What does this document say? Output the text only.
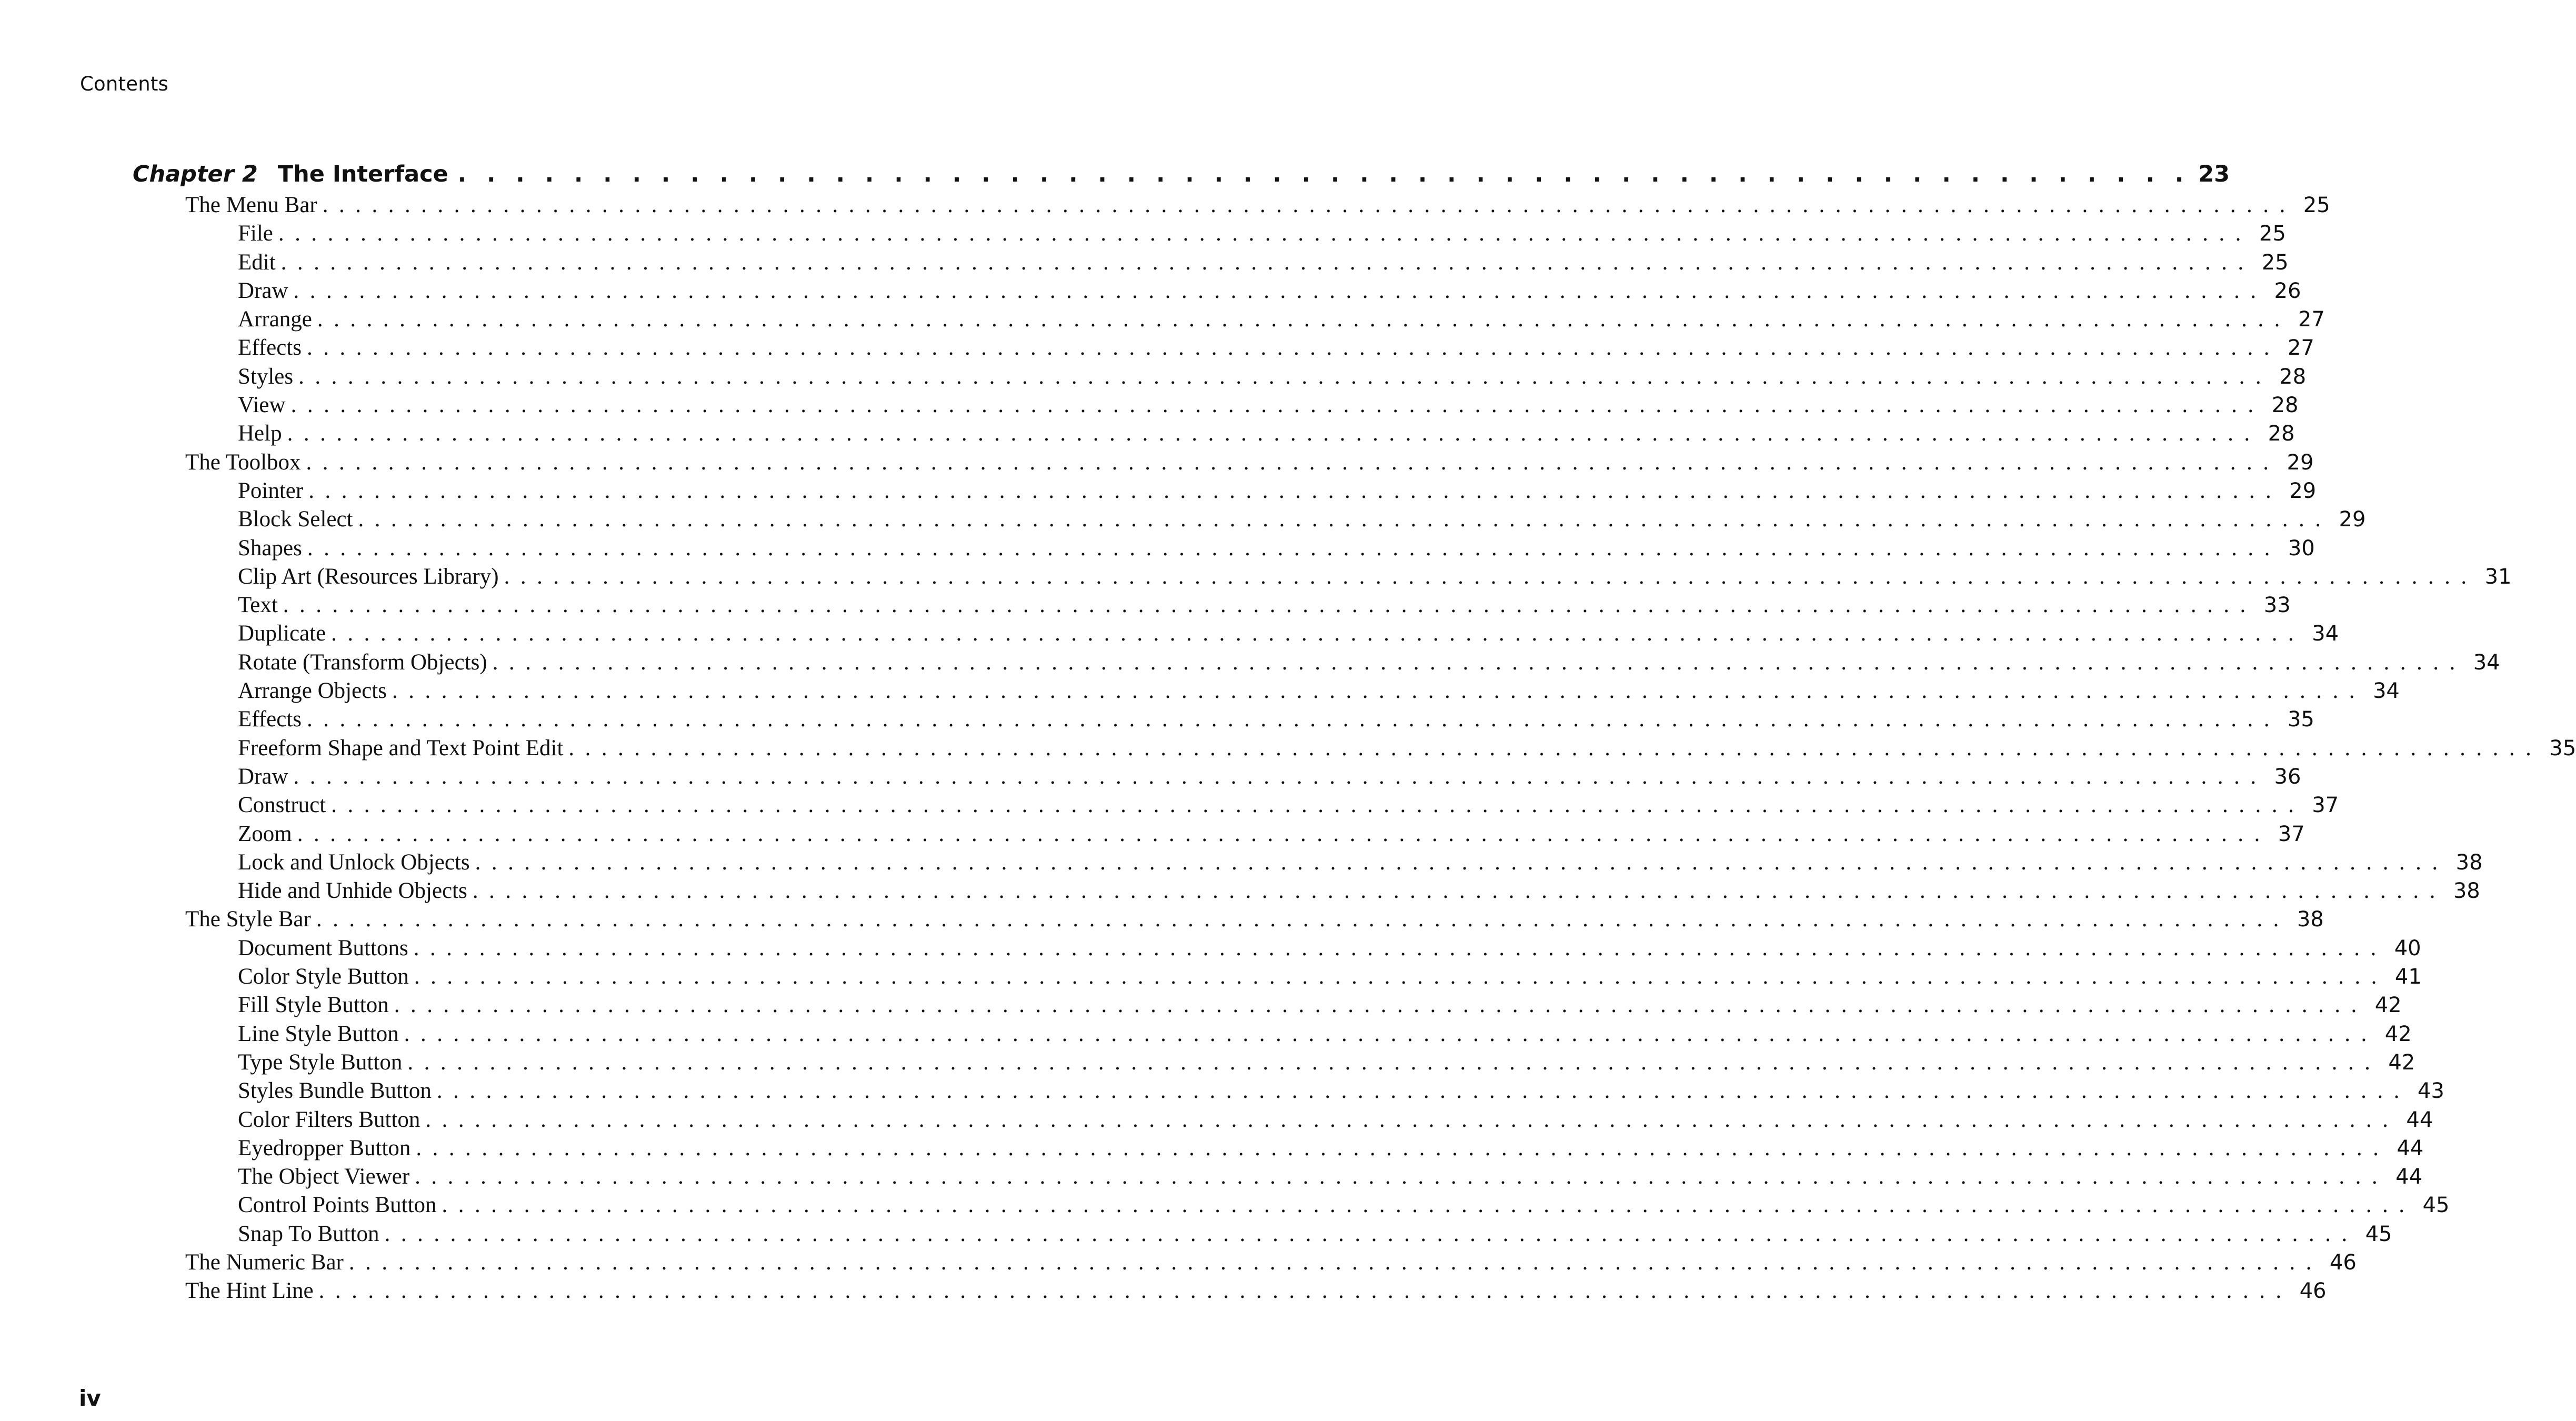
Contents
Chapter 2 The Interface . . . . . . . . . . . . . . . . . . . . . . . . . . . . . . . . . . . . . . . . . . . . . . . . . . . . . . . . . . . . 23
The Menu Bar ........................................................................................................................ 25
File ........................................................................................................................ 25
Edit ........................................................................................................................ 25
Draw ........................................................................................................................ 26
Arrange ........................................................................................................................ 27
Effects ........................................................................................................................ 27
Styles ........................................................................................................................ 28
View ........................................................................................................................ 28
Help ........................................................................................................................ 28
The Toolbox ........................................................................................................................ 29
Pointer ........................................................................................................................ 29
Block Select ........................................................................................................................ 29
Shapes ........................................................................................................................ 30
Clip Art (Resources Library) ........................................................................................................................ 31
Text ........................................................................................................................ 33
Duplicate ........................................................................................................................ 34
Rotate (Transform Objects) ........................................................................................................................ 34
Arrange Objects ........................................................................................................................ 34
Effects ........................................................................................................................ 35
Freeform Shape and Text Point Edit ........................................................................................................................ 35
Draw ........................................................................................................................ 36
Construct ........................................................................................................................ 37
Zoom ........................................................................................................................ 37
Lock and Unlock Objects ........................................................................................................................ 38
Hide and Unhide Objects ........................................................................................................................ 38
The Style Bar ........................................................................................................................ 38
Document Buttons ........................................................................................................................ 40
Color Style Button ........................................................................................................................ 41
Fill Style Button ........................................................................................................................ 42
Line Style Button ........................................................................................................................ 42
Type Style Button ........................................................................................................................ 42
Styles Bundle Button ........................................................................................................................ 43
Color Filters Button ........................................................................................................................ 44
Eyedropper Button ........................................................................................................................ 44
The Object Viewer ........................................................................................................................ 44
Control Points Button ........................................................................................................................ 45
Snap To Button ........................................................................................................................ 45
The Numeric Bar ........................................................................................................................ 46
The Hint Line ........................................................................................................................ 46
iv
